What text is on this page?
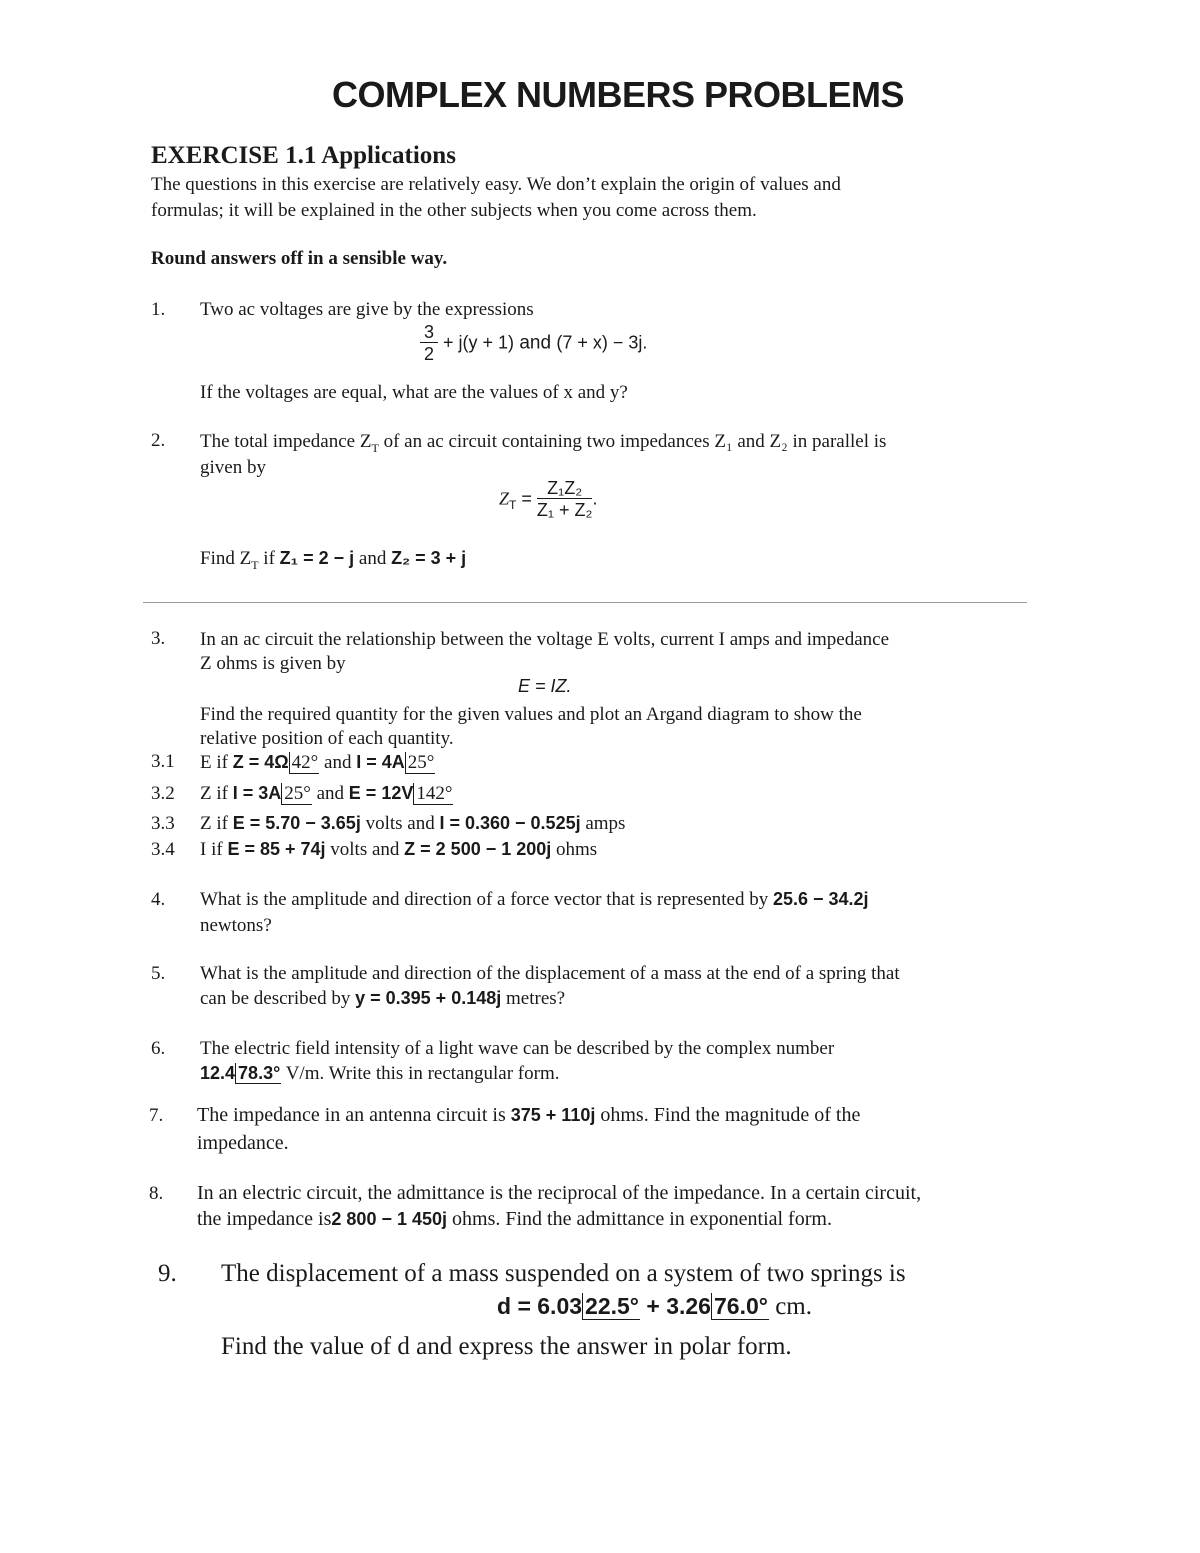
COMPLEX NUMBERS PROBLEMS
EXERCISE 1.1 Applications
The questions in this exercise are relatively easy. We don’t explain the origin of values and
formulas; it will be explained in the other subjects when you come across them.
Round answers off in a sensible way.
1. Two ac voltages are give by the expressions
$\frac{3}{2} + j(y + 1)$ and (7 + x) − 3j.
If the voltages are equal, what are the values of x and y?
2. The total impedance $Z_T$ of an ac circuit containing two impedances Z₁ and Z₂ in parallel is
given by
$Z_T = \frac{\text{Z₁Z₂}}{\text{Z₁ + Z₂}}$ .
Find $Z_T$ if Z₁ = 2 − j and Z₂ = 3 + j
3. In an ac circuit the relationship between the voltage E volts, current I amps and impedance
Z ohms is given by
E = IZ.
Find the required quantity for the given values and plot an Argand diagram to show the
relative position of each quantity.
3.1 E if Z = 4Ω 42° and I = 4A 25°
3.2 Z if I = 3A 25° and E = 12V 142°
3.3 Z if E = 5.70 − 3.65j volts and I = 0.360 − 0.525j amps
3.4 I if E = 85 + 74j volts and Z = 2 500 − 1 200j ohms
4. What is the amplitude and direction of a force vector that is represented by 25.6 − 34.2j
newtons?
5. What is the amplitude and direction of the displacement of a mass at the end of a spring that
can be described by y = 0.395 + 0.148j metres?
6. The electric field intensity of a light wave can be described by the complex number
12.4 78.3° V/m. Write this in rectangular form.
7. The impedance in an antenna circuit is 375 + 110j ohms. Find the magnitude of the
impedance.
8. In an electric circuit, the admittance is the reciprocal of the impedance. In a certain circuit,
the impedance is2 800 − 1 450j ohms. Find the admittance in exponential form.
9. The displacement of a mass suspended on a system of two springs is
d = 6.03 22.5° + 3.26 76.0° cm.
Find the value of d and express the answer in polar form.
